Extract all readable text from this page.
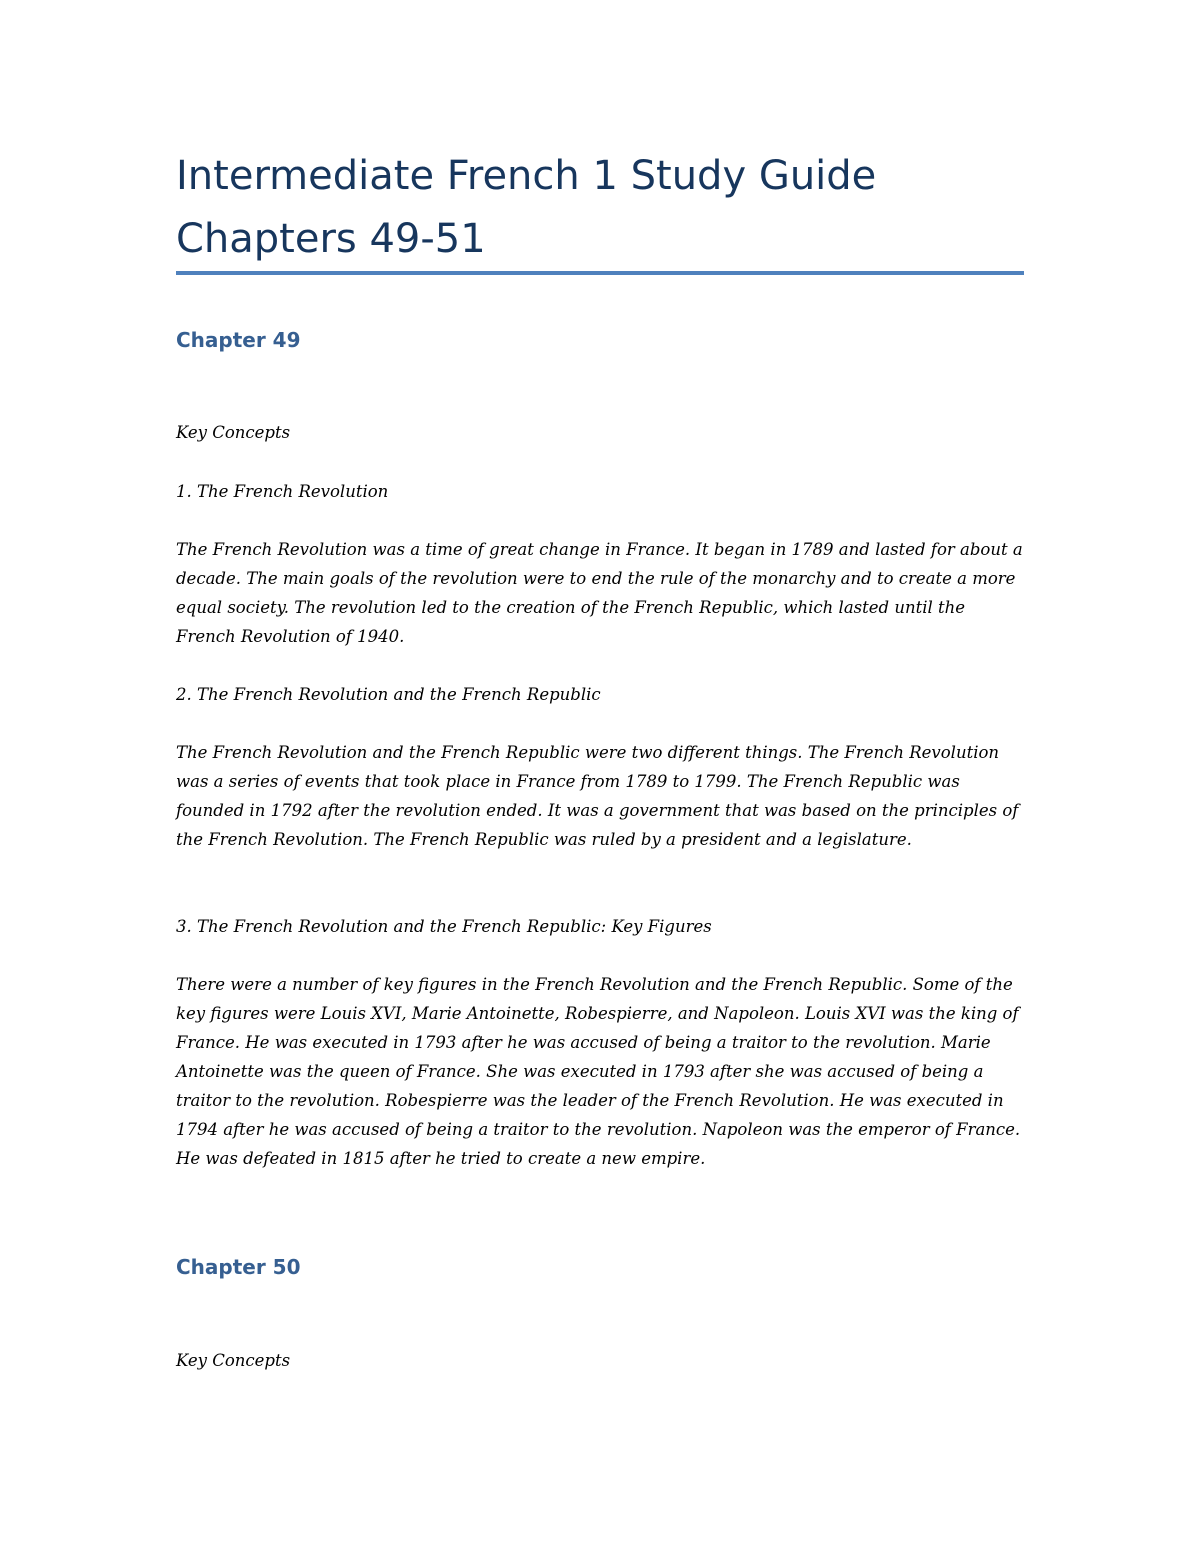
Intermediate French 1 Study Guide
Chapters 49-51
Chapter 49

Key Concepts

1. The French Revolution

The French Revolution was a time of great change in France. It began in 1789 and lasted for about a decade. The main goals of the revolution were to end the rule of the monarchy and to create a more equal society. The revolution led to the creation of the French Republic, which lasted until the French Revolution of 1940.

2. The French Revolution and the French Republic

The French Revolution and the French Republic were two different things. The French Revolution was a series of events that took place in France from 1789 to 1799. The French Republic was founded in 1792 after the revolution ended. It was a government that was based on the principles of the French Revolution. The French Republic was ruled by a president and a legislature.

3. The French Revolution and the French Republic: Key Figures

There were a number of key figures in the French Revolution and the French Republic. Some of the key figures were Louis XVI, Marie Antoinette, Robespierre, and Napoleon. Louis XVI was the king of France. He was executed in 1793 after he was accused of being a traitor to the revolution. Marie Antoinette was the queen of France. She was executed in 1793 after she was accused of being a traitor to the revolution. Robespierre was the leader of the French Revolution. He was executed in 1794 after he was accused of being a traitor to the revolution. Napoleon was the emperor of France. He was defeated in 1815 after he tried to create a new empire.

Chapter 50

Key Concepts
